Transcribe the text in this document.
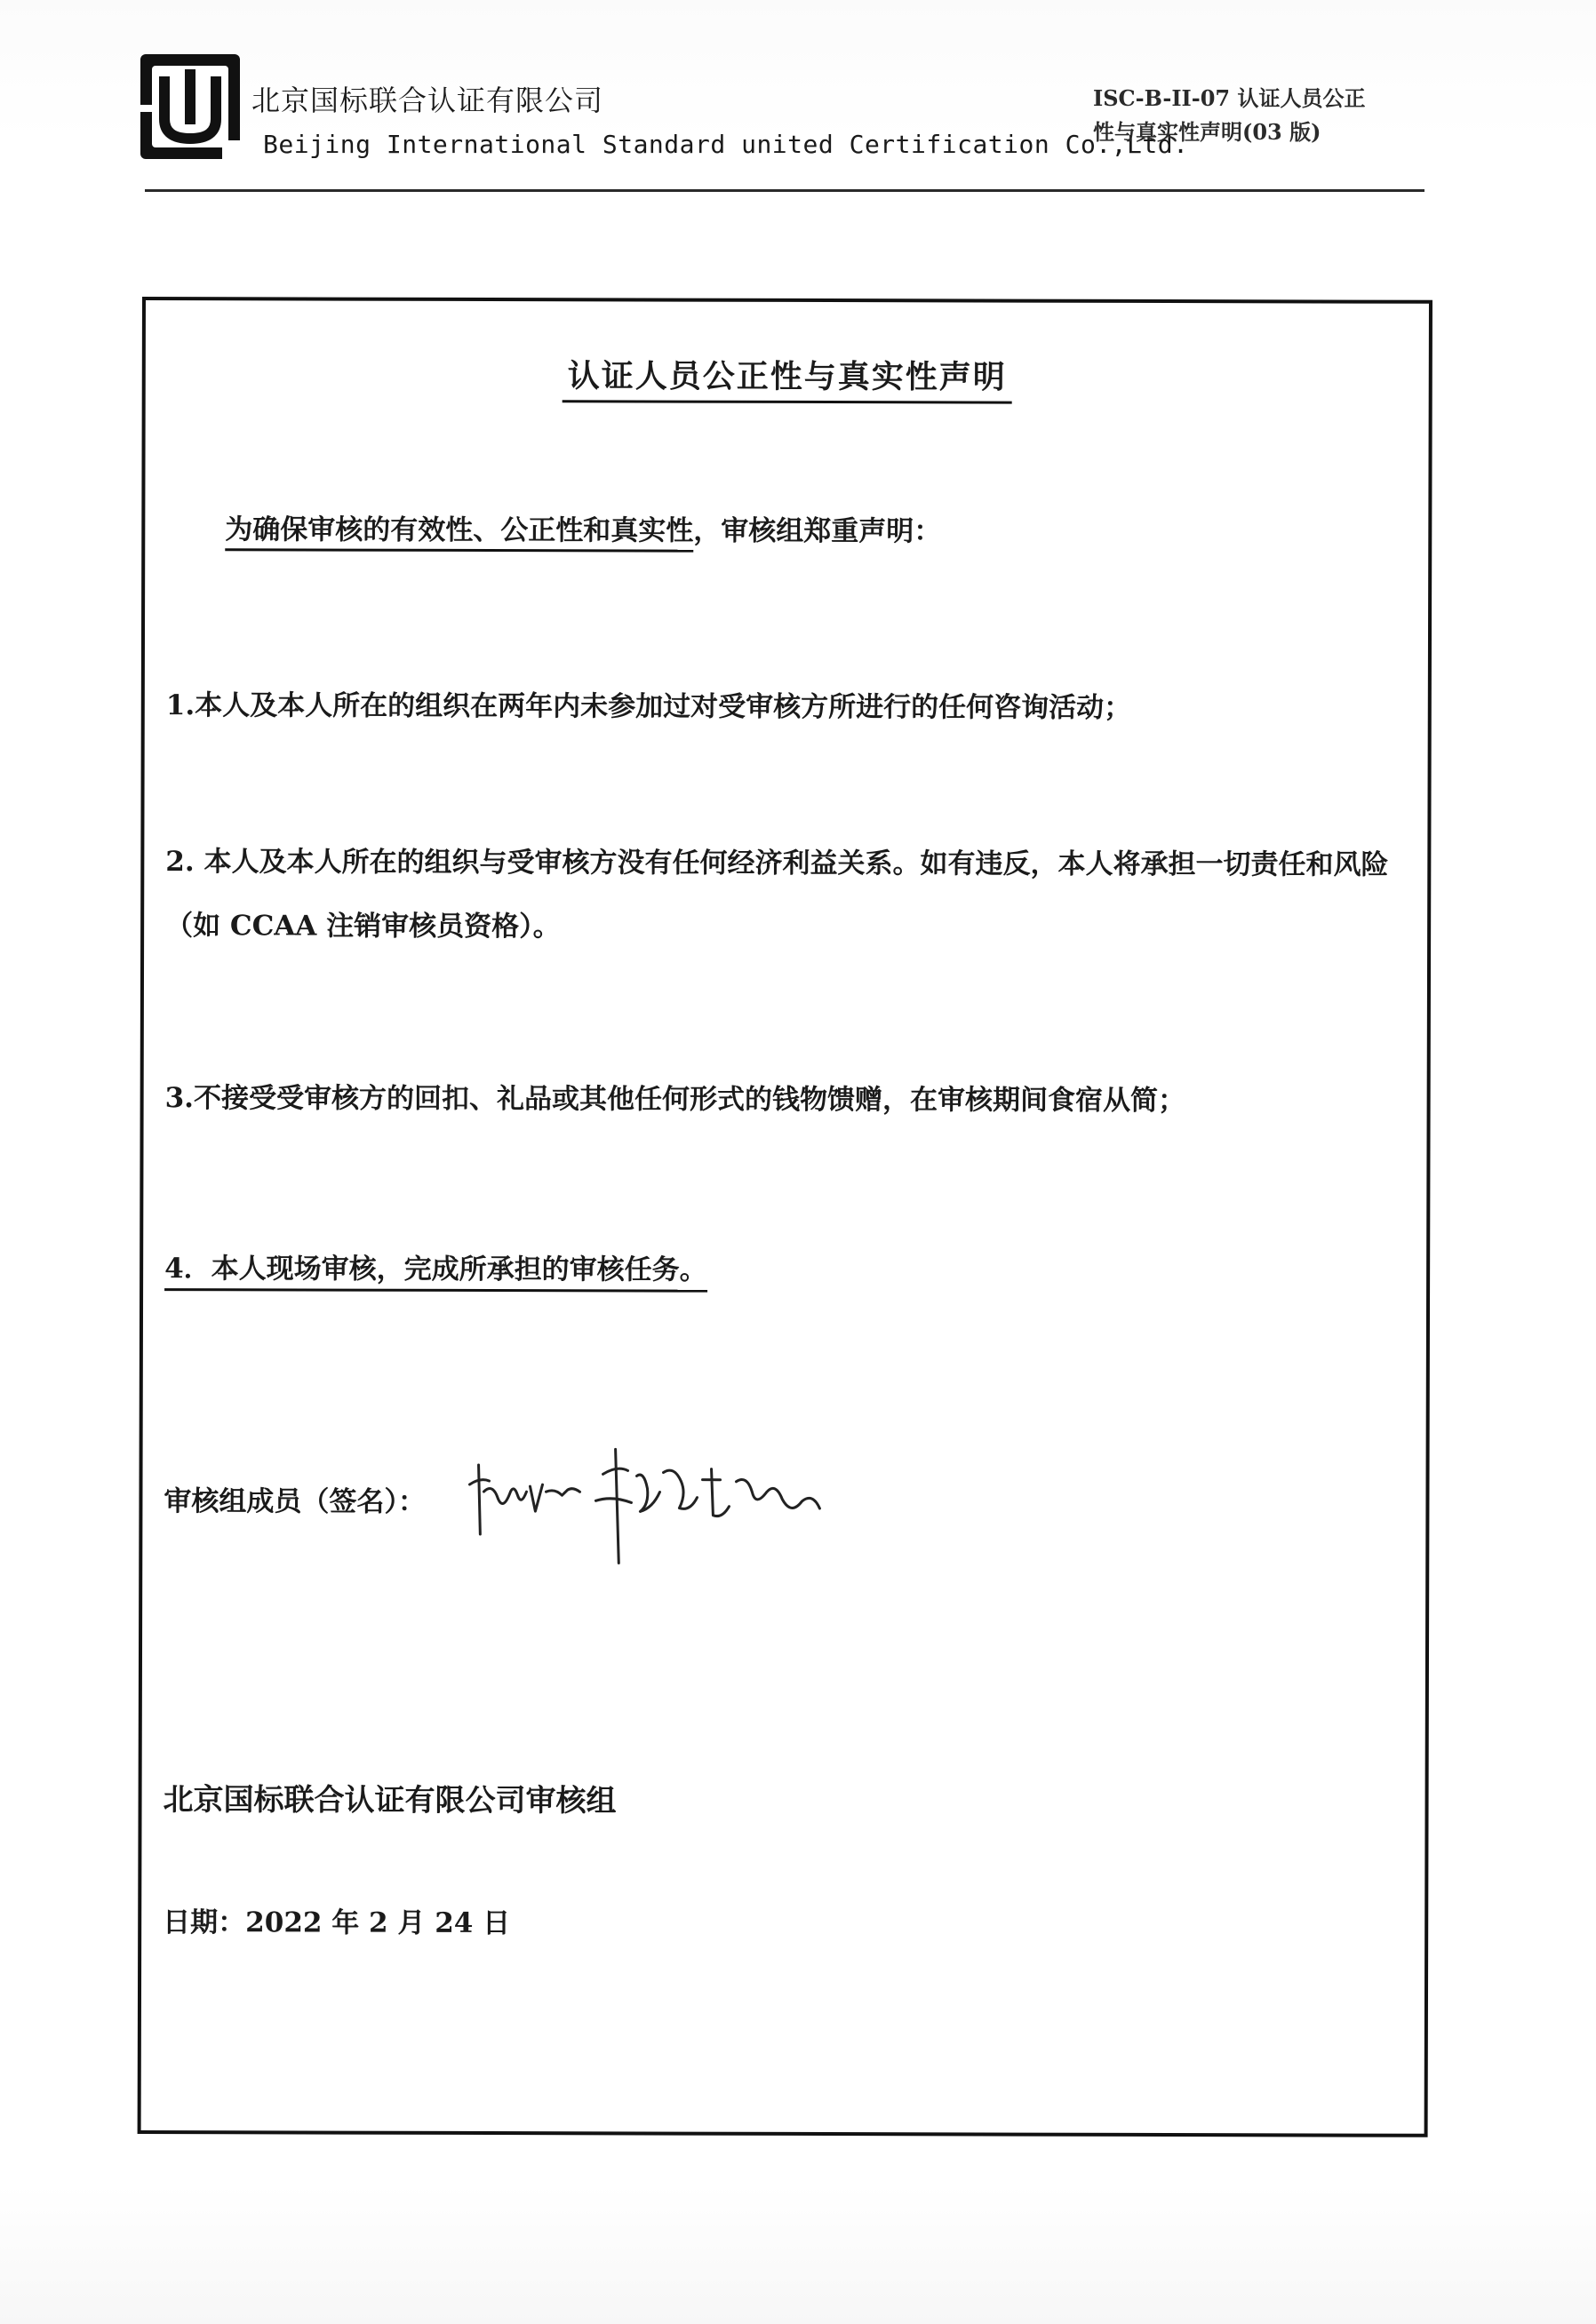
北京国标联合认证有限公司
Beijing International Standard united Certification Co.,Ltd.
ISC-B-II-07 认证人员公正
性与真实性声明(03 版)
认证人员公正性与真实性声明
为确保审核的有效性、公正性和真实性，审核组郑重声明：
1.本人及本人所在的组织在两年内未参加过对受审核方所进行的任何咨询活动；
2. 本人及本人所在的组织与受审核方没有任何经济利益关系。如有违反，本人将承担一切责任和风险（如 CCAA 注销审核员资格）。
3.不接受受审核方的回扣、礼品或其他任何形式的钱物馈赠，在审核期间食宿从简；
4．本人现场审核，完成所承担的审核任务。
审核组成员（签名）：
北京国标联合认证有限公司审核组
日期：2022 年 2 月 24 日
